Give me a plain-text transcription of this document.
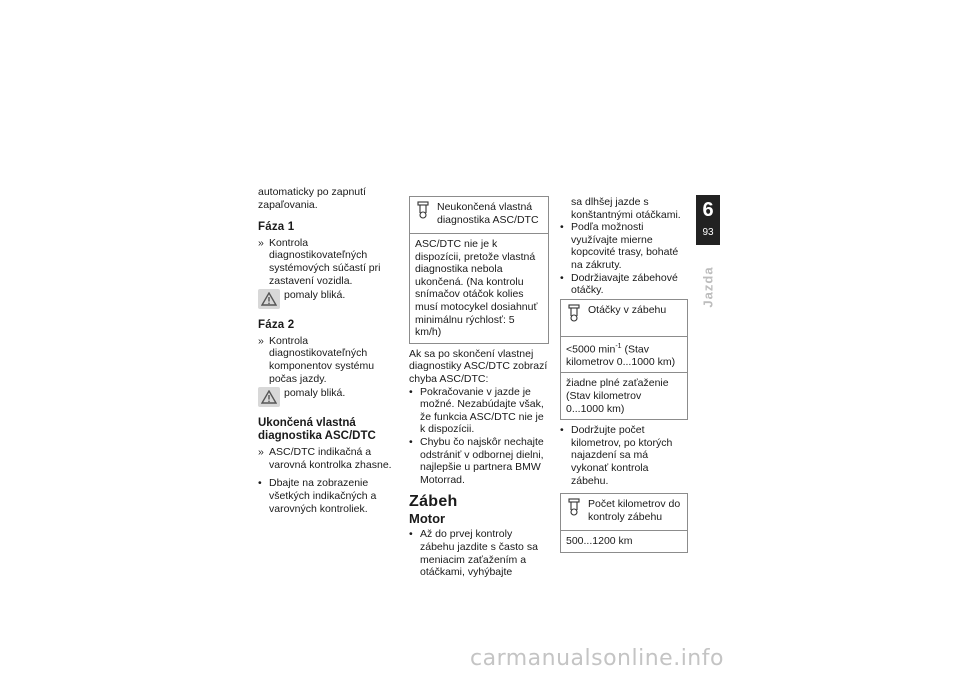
automaticky po zapnutí zapaľovania.

Fáza 1

» Kontrola diagnostikovateľných systémových súčastí pri zastavení vozidla.

pomaly bliká.
Fáza 2

» Kontrola diagnostikovateľných komponentov systému počas jazdy.

pomaly bliká.
Ukončená vlastná diagnostika ASC/DTC

» ASC/DTC indikačná a varovná kontrolka zhasne.

• Dbajte na zobrazenie všetkých indikačných a varovných kontroliek.

Neukončená vlastná diagnostika ASC/DTC
ASC/DTC nie je k dispozícii, pretože vlastná diagnostika nebola ukončená. (Na kontrolu snímačov otáčok kolies musí motocykel dosiahnuť minimálnu rýchlosť: 5 km/h)

Ak sa po skončení vlastnej diagnostiky ASC/DTC zobrazí chyba ASC/DTC:

• Pokračovanie v jazde je možné. Nezabúdajte však, že funkcia ASC/DTC nie je k dispozícii.

• Chybu čo najskôr nechajte odstrániť v odbornej dielni, najlepšie u partnera BMW Motorrad.

Zábeh
Motor

• Až do prvej kontroly zábehu jazdite s často sa meniacim zaťažením a otáčkami, vyhýbajte

sa dlhšej jazde s konštantnými otáčkami.

• Podľa možnosti využívajte mierne kopcovité trasy, bohaté na zákruty.

• Dodržiavajte zábehové otáčky.

Otáčky v zábehu
<5000 $\min^{-1}$ (Stav kilometrov 0...1000 km)
žiadne plné zaťaženie (Stav kilometrov 0...1000 km)

• Dodržujte počet kilometrov, po ktorých najazdení sa má vykonať kontrola zábehu.

Počet kilometrov do kontroly zábehu
500...1200 km
6
93
Jazda
carmanualsonline.info
